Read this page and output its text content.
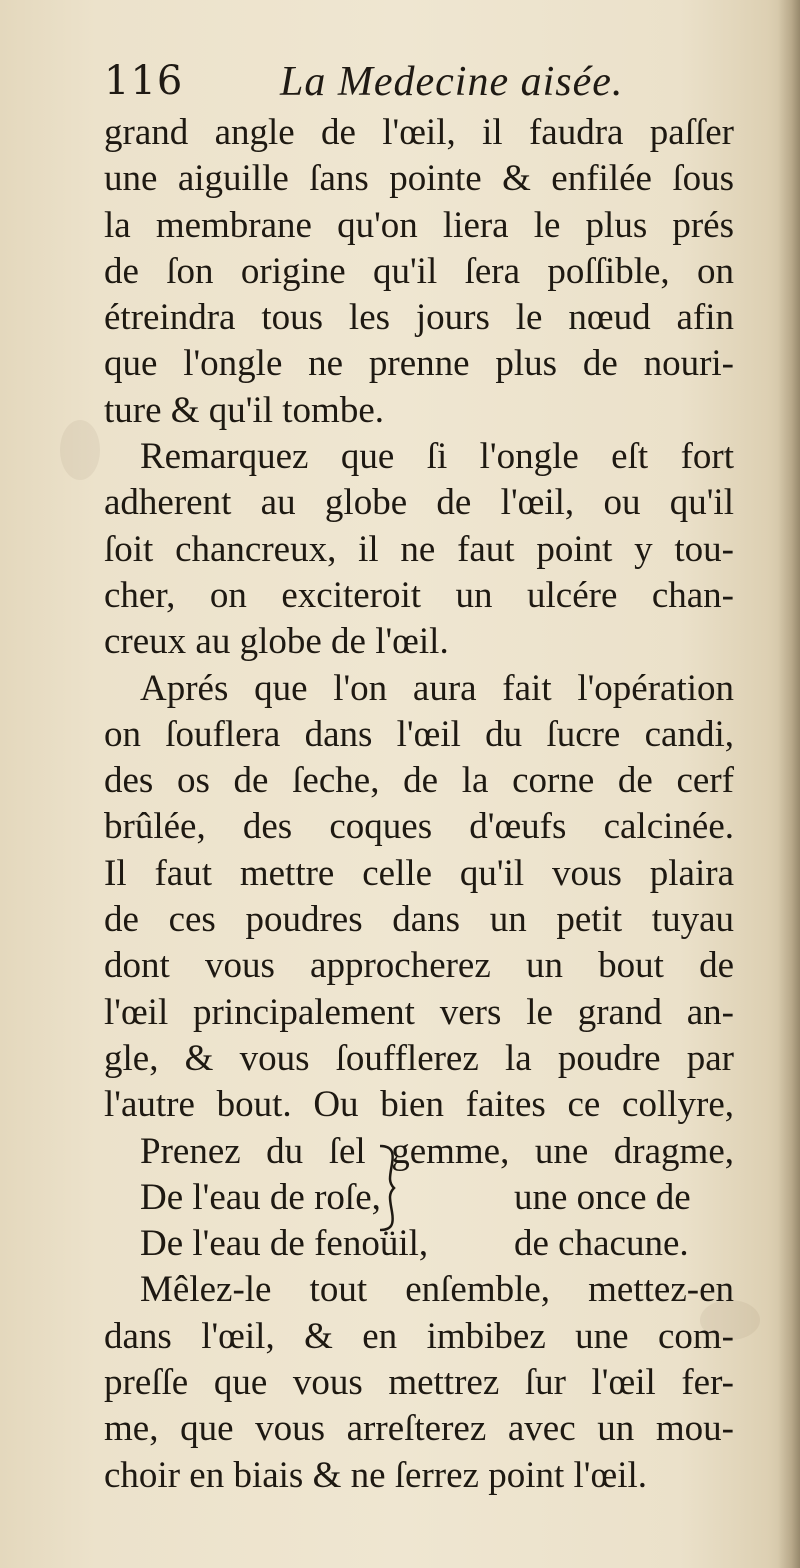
116 La Medecine aisée.
grand angle de l'œil, il faudra paſſer
une aiguille ſans pointe & enfilée ſous
la membrane qu'on liera le plus prés
de ſon origine qu'il ſera poſſible, on
étreindra tous les jours le nœud afin
que l'ongle ne prenne plus de nouri-
ture & qu'il tombe.
Remarquez que ſi l'ongle eſt fort
adherent au globe de l'œil, ou qu'il
ſoit chancreux, il ne faut point y tou-
cher, on exciteroit un ulcére chan-
creux au globe de l'œil.
Aprés que l'on aura fait l'opération
on ſouflera dans l'œil du ſucre candi,
des os de ſeche, de la corne de cerf
brûlée, des coques d'œufs calcinée.
Il faut mettre celle qu'il vous plaira
de ces poudres dans un petit tuyau
dont vous approcherez un bout de
l'œil principalement vers le grand an-
gle, & vous ſoufflerez la poudre par
l'autre bout. Ou bien faites ce collyre,
Prenez du ſel gemme, une dragme,
De l'eau de roſe,	une once de
De l'eau de fenoüil, de chacune.
Mêlez-le tout enſemble, mettez-en
dans l'œil, & en imbibez une com-
preſſe que vous mettrez ſur l'œil fer-
me, que vous arreſterez avec un mou-
choir en biais & ne ſerrez point l'œil.
